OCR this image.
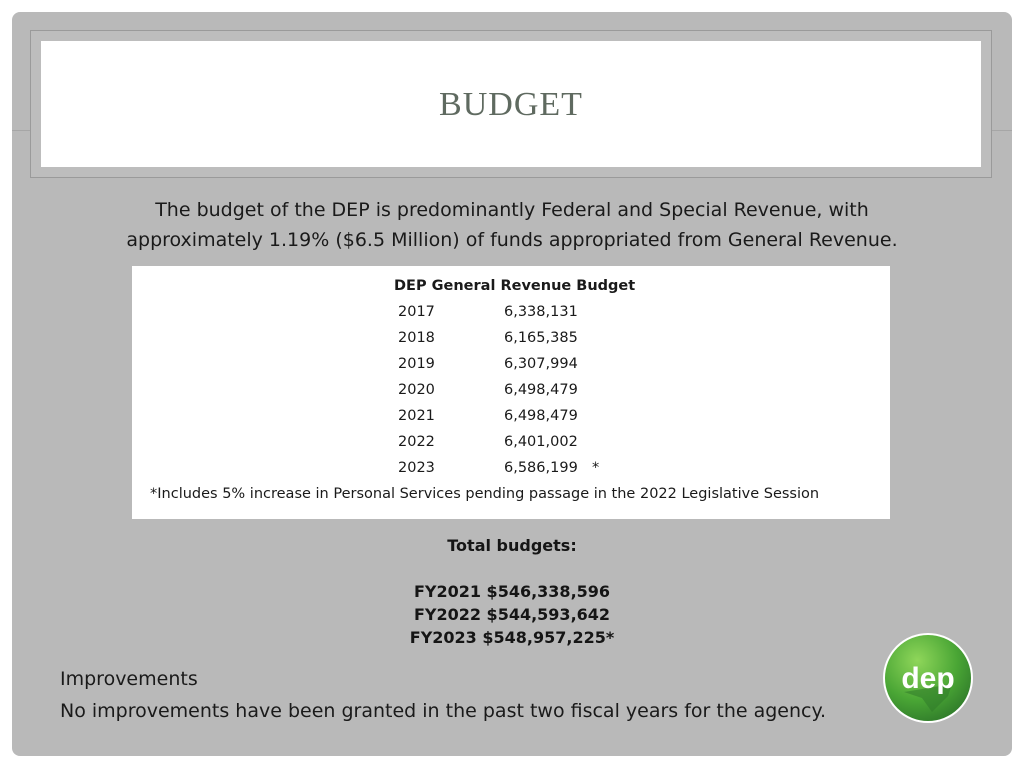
BUDGET
The budget of the DEP is predominantly Federal and Special Revenue, with
approximately 1.19% ($6.5 Million) of funds appropriated from General Revenue.
DEP General Revenue Budget
2017	6,338,131
2018	6,165,385
2019	6,307,994
2020	6,498,479
2021	6,498,479
2022	6,401,002
2023	6,586,199 *
*Includes 5% increase in Personal Services pending passage in the 2022 Legislative Session
Total budgets:
FY2021 $546,338,596
FY2022 $544,593,642
FY2023 $548,957,225*
Improvements
No improvements have been granted in the past two fiscal years for the agency.
dep
